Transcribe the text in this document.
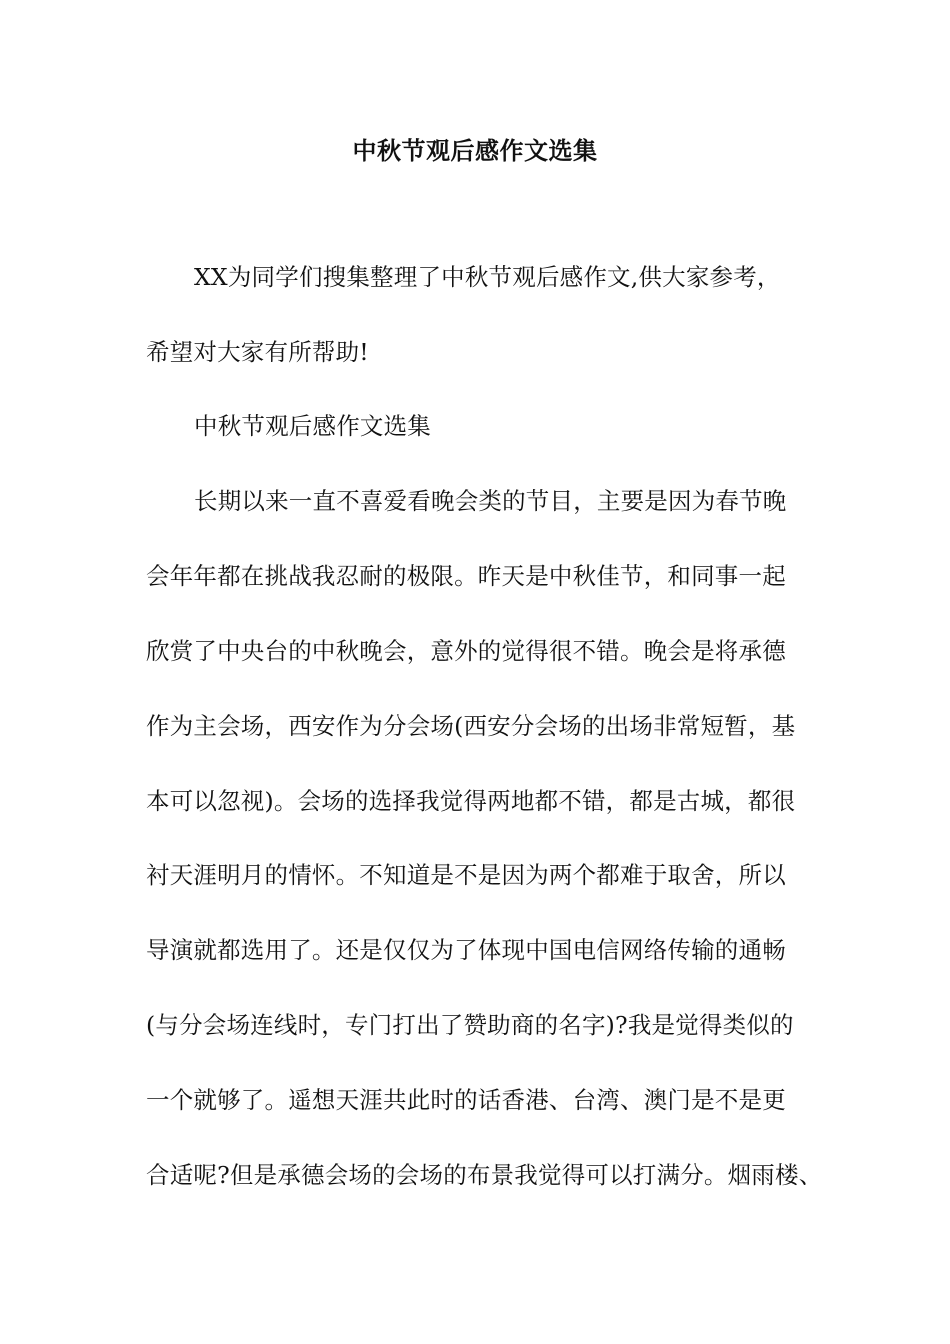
中秋节观后感作文选集
XX为同学们搜集整理了中秋节观后感作文,供大家参考，
希望对大家有所帮助!
中秋节观后感作文选集
长期以来一直不喜爱看晚会类的节目，主要是因为春节晚
会年年都在挑战我忍耐的极限。昨天是中秋佳节，和同事一起
欣赏了中央台的中秋晚会，意外的觉得很不错。晚会是将承德
作为主会场，西安作为分会场(西安分会场的出场非常短暂，基
本可以忽视)。会场的选择我觉得两地都不错，都是古城，都很
衬天涯明月的情怀。不知道是不是因为两个都难于取舍，所以
导演就都选用了。还是仅仅为了体现中国电信网络传输的通畅
(与分会场连线时，专门打出了赞助商的名字)?我是觉得类似的
一个就够了。遥想天涯共此时的话香港、台湾、澳门是不是更
合适呢?但是承德会场的会场的布景我觉得可以打满分。烟雨楼、
